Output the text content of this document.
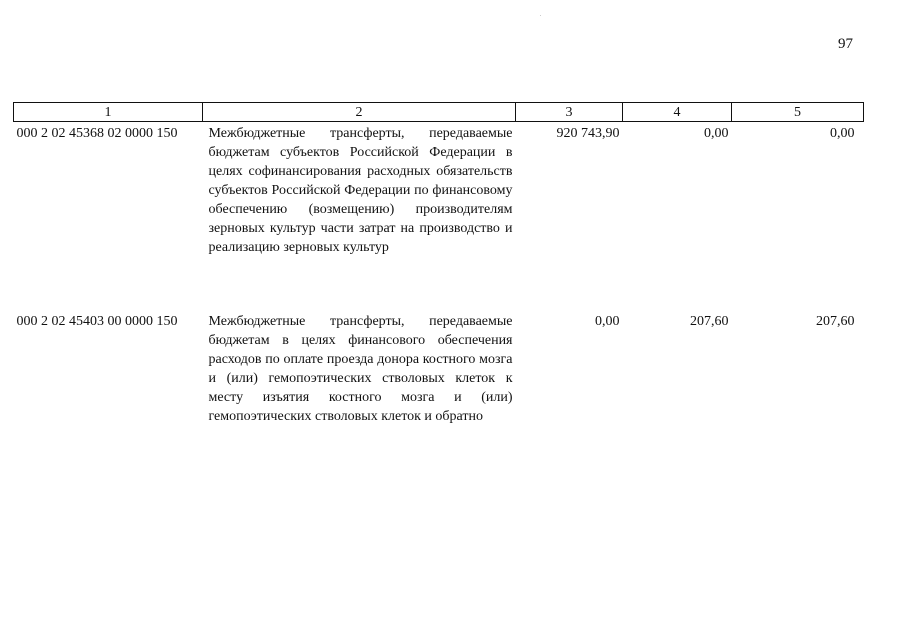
97
1	2	3	4	5
000 2 02 45368 02 0000 150	Межбюджетные трансферты, передаваемые бюджетам субъектов Российской Федерации в целях софинансирования расходных обязательств субъектов Российской Федерации по финансовому обеспечению (возмещению) производителям зерновых культур части затрат на производство и реализацию зерновых культур	920 743,90	0,00	0,00
000 2 02 45403 00 0000 150	Межбюджетные трансферты, передаваемые бюджетам в целях финансового обеспечения расходов по оплате проезда донора костного мозга и (или) гемопоэтических стволовых клеток к месту изъятия костного мозга и (или) гемопоэтических стволовых клеток и обратно	0,00	207,60	207,60
